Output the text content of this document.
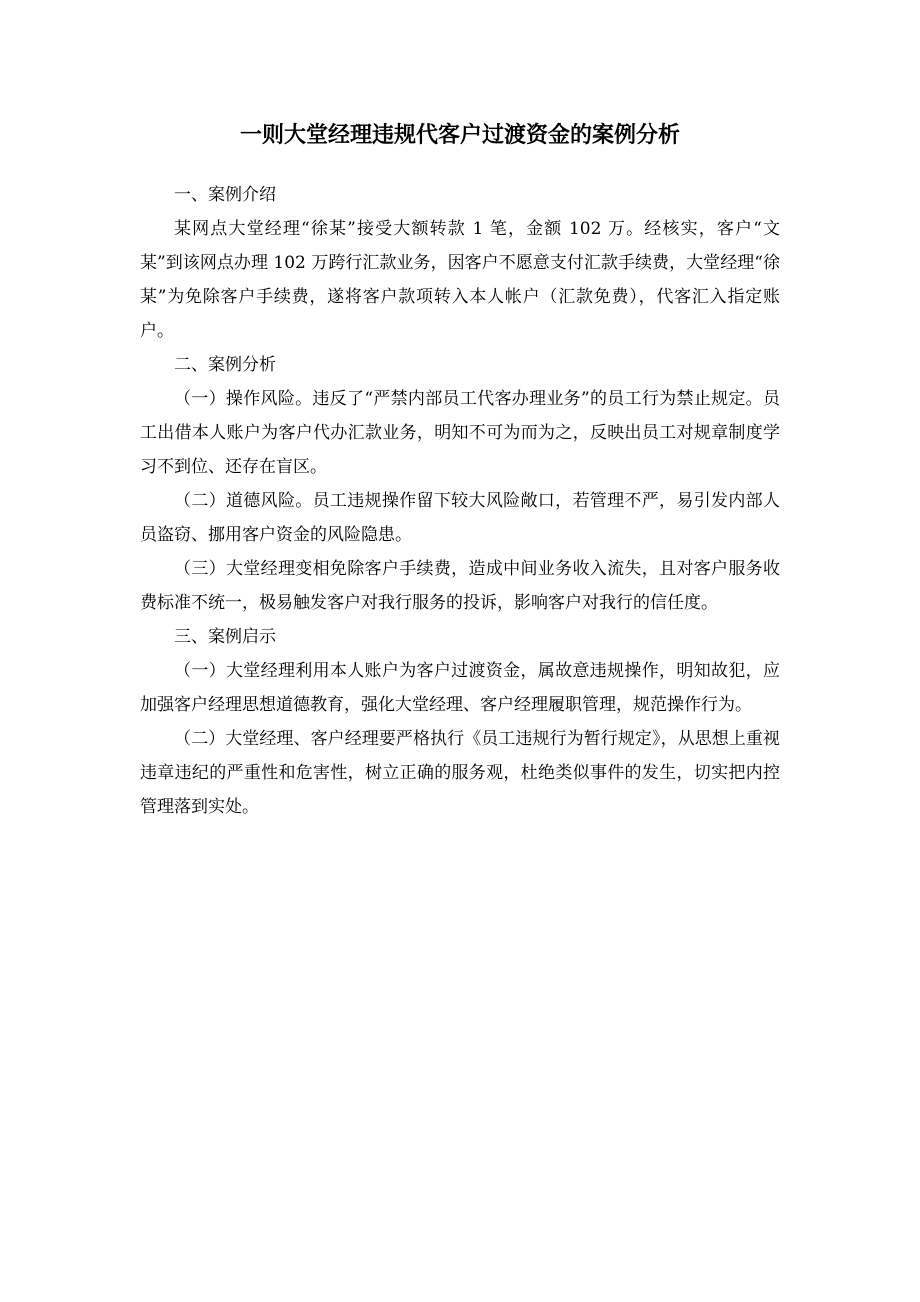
一则大堂经理违规代客户过渡资金的案例分析

一、案例介绍

某网点大堂经理“徐某”接受大额转款 1 笔，金额 102 万。经核实，客户“文某”到该网点办理 102 万跨行汇款业务，因客户不愿意支付汇款手续费，大堂经理“徐某”为免除客户手续费，遂将客户款项转入本人帐户（汇款免费），代客汇入指定账户。

二、案例分析

（一）操作风险。违反了“严禁内部员工代客办理业务”的员工行为禁止规定。员工出借本人账户为客户代办汇款业务，明知不可为而为之，反映出员工对规章制度学习不到位、还存在盲区。

（二）道德风险。员工违规操作留下较大风险敞口，若管理不严，易引发内部人员盗窃、挪用客户资金的风险隐患。

（三）大堂经理变相免除客户手续费，造成中间业务收入流失，且对客户服务收费标准不统一，极易触发客户对我行服务的投诉，影响客户对我行的信任度。

三、案例启示

（一）大堂经理利用本人账户为客户过渡资金，属故意违规操作，明知故犯，应加强客户经理思想道德教育，强化大堂经理、客户经理履职管理，规范操作行为。

（二）大堂经理、客户经理要严格执行《员工违规行为暂行规定》，从思想上重视违章违纪的严重性和危害性，树立正确的服务观，杜绝类似事件的发生，切实把内控管理落到实处。
